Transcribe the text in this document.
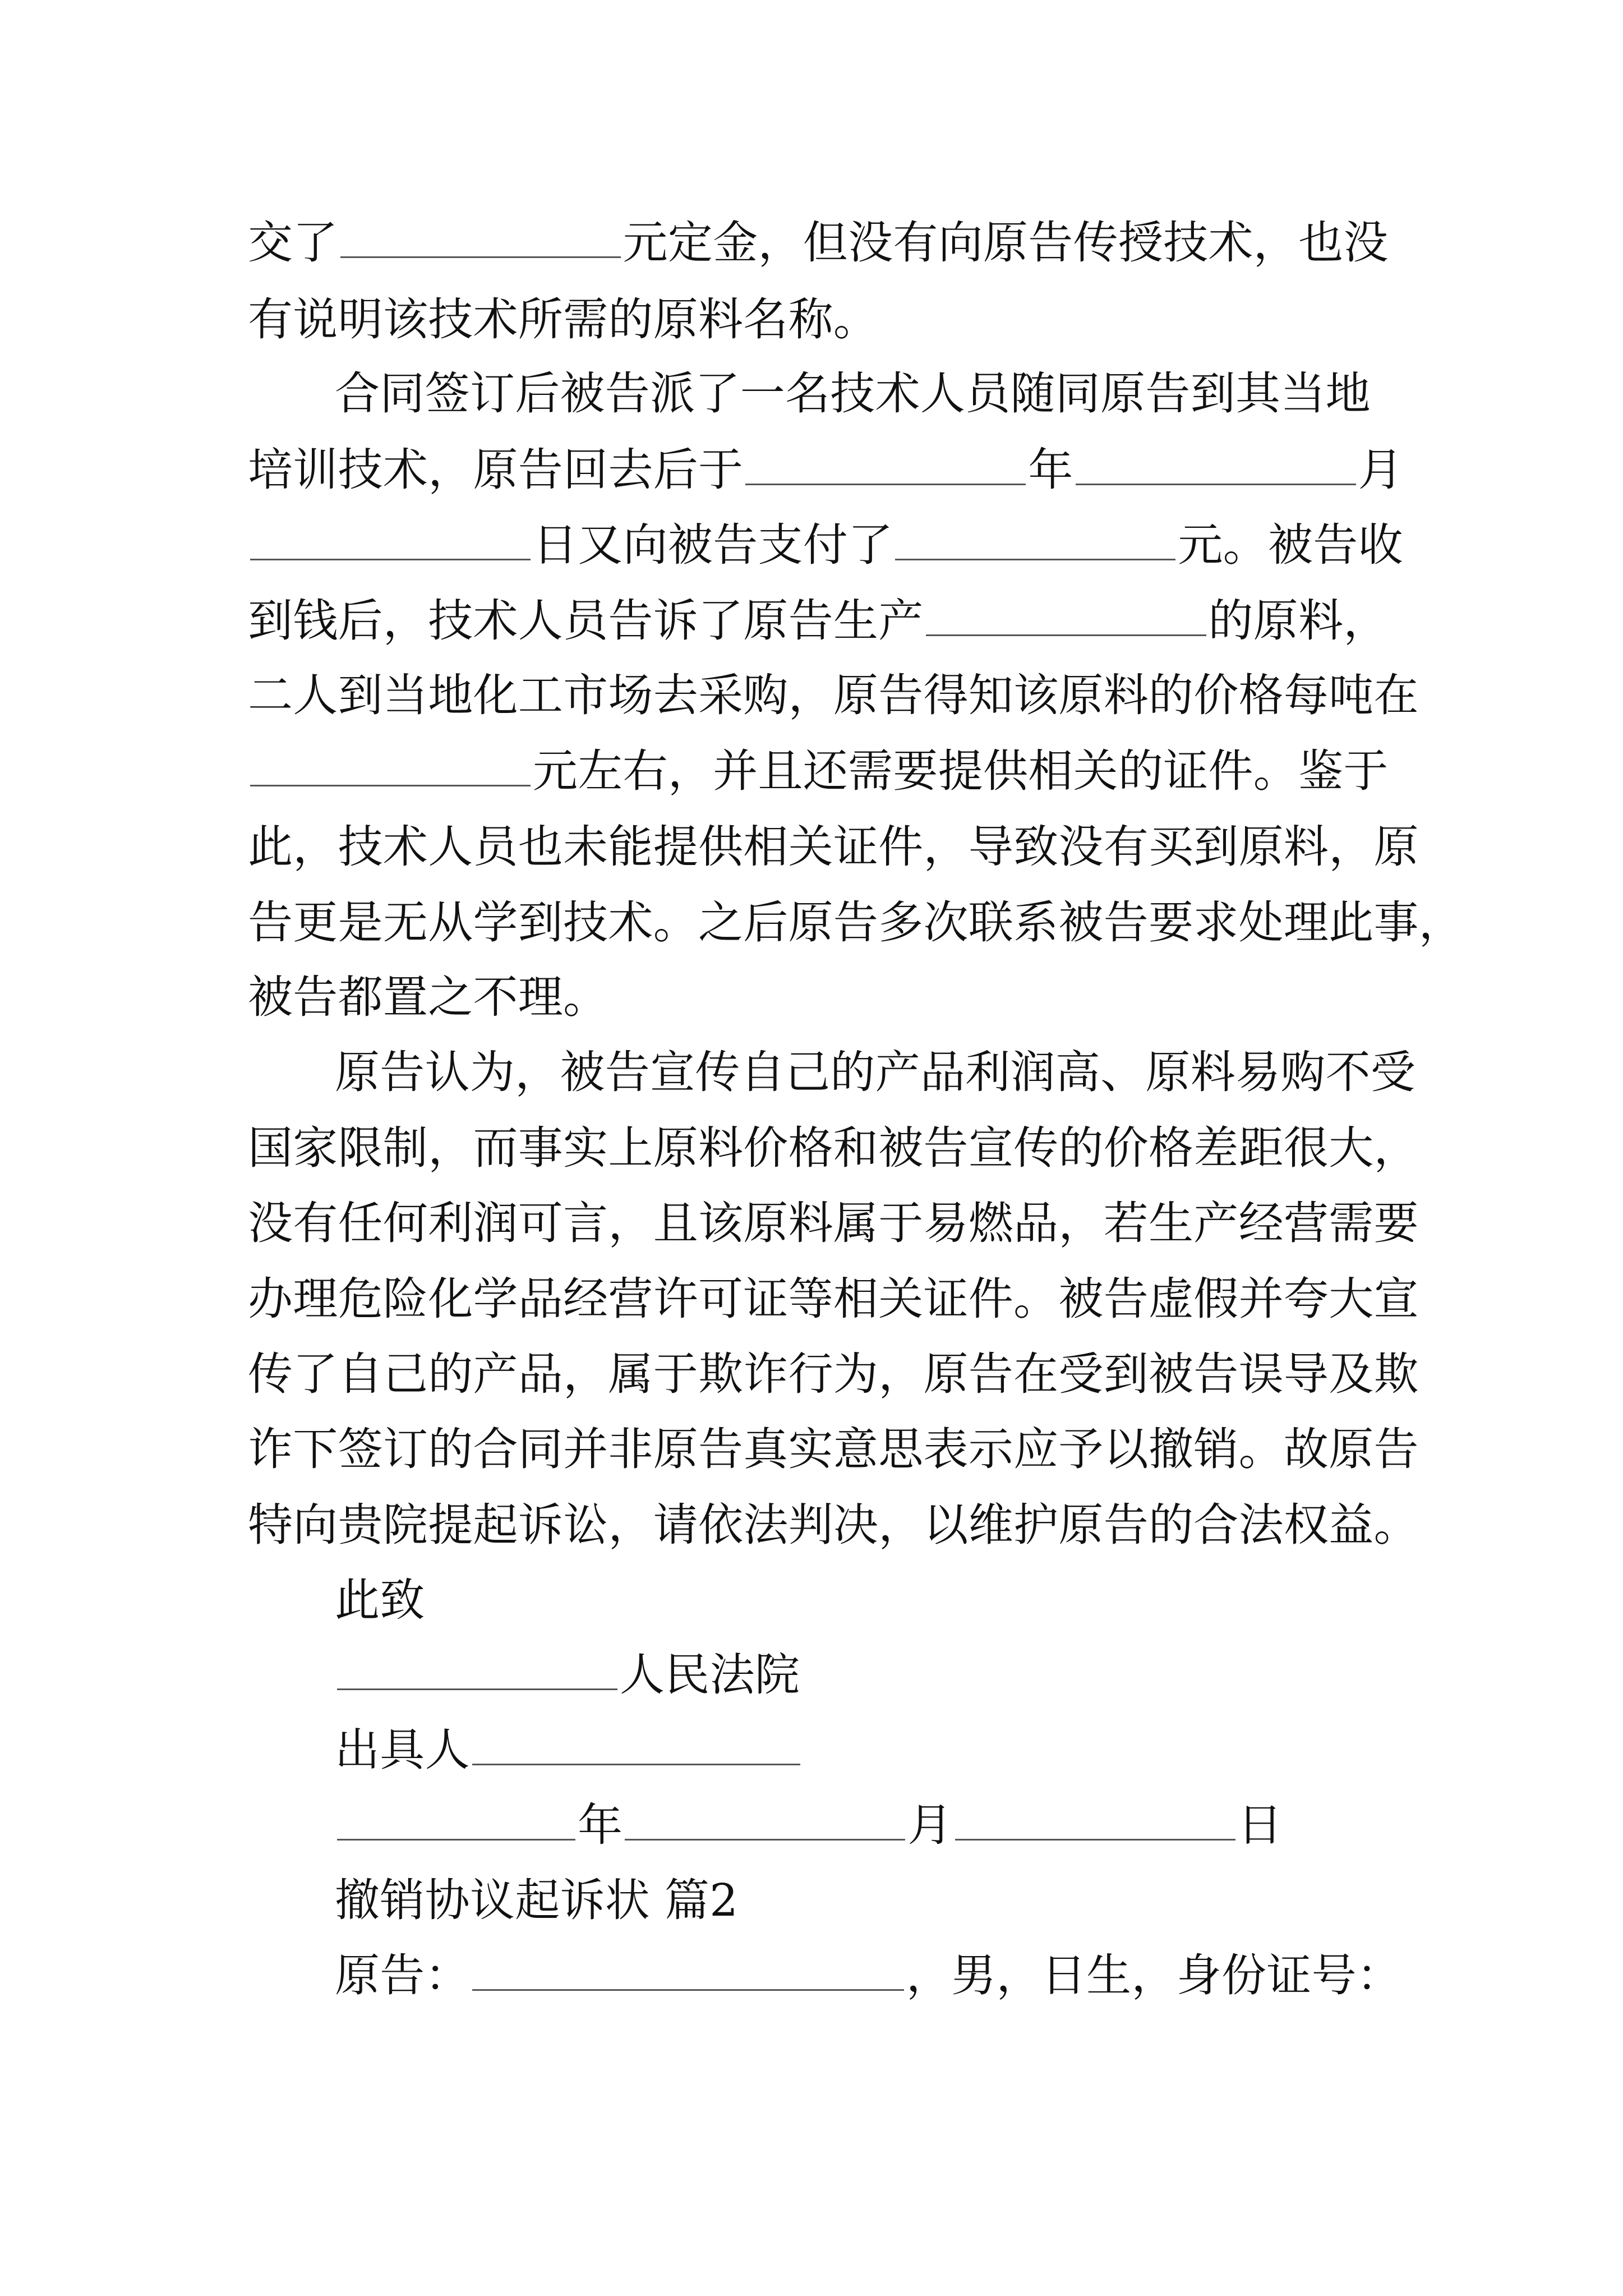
交了	元定金，但没有向原告传授技术，也没
有说明该技术所需的原料名称。
合同签订后被告派了一名技术人员随同原告到其当地
培训技术，原告回去后于	年	月
日又向被告支付了	元。被告收
到钱后，技术人员告诉了原告生产	的原料，
二人到当地化工市场去采购，原告得知该原料的价格每吨在
元左右，并且还需要提供相关的证件。鉴于
此，技术人员也未能提供相关证件，导致没有买到原料，原
告更是无从学到技术。之后原告多次联系被告要求处理此事，
被告都置之不理。
原告认为，被告宣传自己的产品利润高、原料易购不受
国家限制，而事实上原料价格和被告宣传的价格差距很大，
没有任何利润可言，且该原料属于易燃品，若生产经营需要
办理危险化学品经营许可证等相关证件。被告虚假并夸大宣
传了自己的产品，属于欺诈行为，原告在受到被告误导及欺
诈下签订的合同并非原告真实意思表示应予以撤销。故原告
特向贵院提起诉讼，请依法判决，以维护原告的合法权益。
此致
人民法院
出具人
年	月	日
撤销协议起诉状 篇2
原告：	，男，日生，身份证号：
